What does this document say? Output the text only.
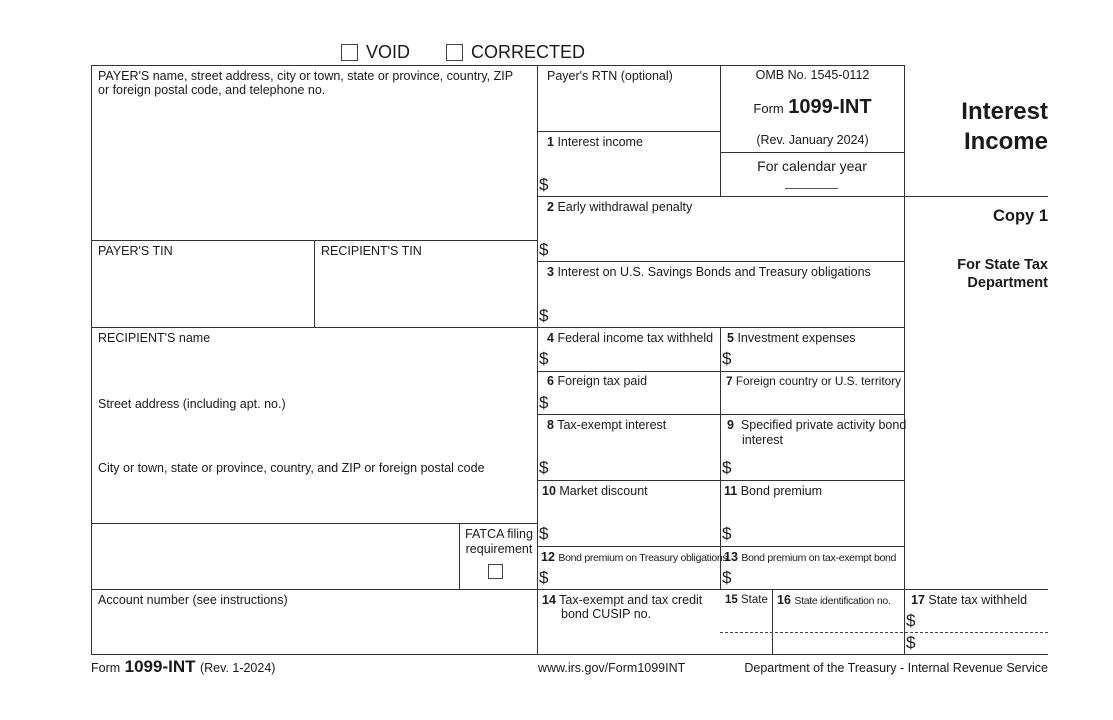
VOID	CORRECTED
PAYER'S name, street address, city or town, state or province, country, ZIP
or foreign postal code, and telephone no.
PAYER'S TIN	RECIPIENT'S TIN
RECIPIENT'S name
Street address (including apt. no.)
City or town, state or province, country, and ZIP or foreign postal code
FATCA filing
requirement
Account number (see instructions)
Payer's RTN (optional)
1 Interest income
$
OMB No. 1545-0112
Form 1099-INT
(Rev. January 2024)
For calendar year
2 Early withdrawal penalty
$
3 Interest on U.S. Savings Bonds and Treasury obligations
$
4 Federal income tax withheld
$
5 Investment expenses
$
6 Foreign tax paid
$
7 Foreign country or U.S. territory
8 Tax-exempt interest
$
9 Specified private activity bond
interest
$
10 Market discount
$
11 Bond premium
$
12 Bond premium on Treasury obligations
$
13 Bond premium on tax-exempt bond
$
14 Tax-exempt and tax credit
bond CUSIP no.
15 State 16 State identification no. 17 State tax withheld
$
$
Interest
Income
Copy 1
For State Tax
Department
Form 1099-INT (Rev. 1-2024)	www.irs.gov/Form1099INT	Department of the Treasury - Internal Revenue Service
